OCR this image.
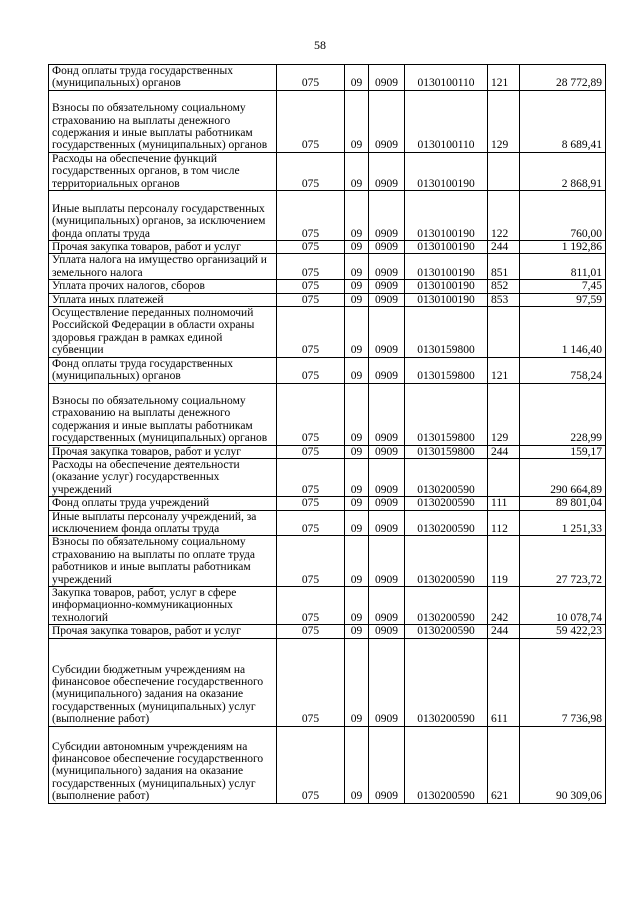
58
Фонд оплаты труда государственных (муниципальных) органов	075	09	0909	0130100110	121	28 772,89
Взносы по обязательному социальному страхованию на выплаты денежного содержания и иные выплаты работникам государственных (муниципальных) органов	075	09	0909	0130100110	129	8 689,41
Расходы на обеспечение функций государственных органов, в том числе территориальных органов	075	09	0909	0130100190		2 868,91
Иные выплаты персоналу государственных (муниципальных) органов, за исключением фонда оплаты труда	075	09	0909	0130100190	122	760,00
Прочая закупка товаров, работ и услуг	075	09	0909	0130100190	244	1 192,86
Уплата налога на имущество организаций и земельного налога	075	09	0909	0130100190	851	811,01
Уплата прочих налогов, сборов	075	09	0909	0130100190	852	7,45
Уплата иных платежей	075	09	0909	0130100190	853	97,59
Осуществление переданных полномочий Российской Федерации в области охраны здоровья граждан в рамках единой субвенции	075	09	0909	0130159800		1 146,40
Фонд оплаты труда государственных (муниципальных) органов	075	09	0909	0130159800	121	758,24
Взносы по обязательному социальному страхованию на выплаты денежного содержания и иные выплаты работникам государственных (муниципальных) органов	075	09	0909	0130159800	129	228,99
Прочая закупка товаров, работ и услуг	075	09	0909	0130159800	244	159,17
Расходы на обеспечение деятельности (оказание услуг) государственных учреждений	075	09	0909	0130200590		290 664,89
Фонд оплаты труда учреждений	075	09	0909	0130200590	111	89 801,04
Иные выплаты персоналу учреждений, за исключением фонда оплаты труда	075	09	0909	0130200590	112	1 251,33
Взносы по обязательному социальному страхованию на выплаты по оплате труда работников и иные выплаты работникам учреждений	075	09	0909	0130200590	119	27 723,72
Закупка товаров, работ, услуг в сфере информационно-коммуникационных технологий	075	09	0909	0130200590	242	10 078,74
Прочая закупка товаров, работ и услуг	075	09	0909	0130200590	244	59 422,23
Субсидии бюджетным учреждениям на финансовое обеспечение государственного (муниципального) задания на оказание государственных (муниципальных) услуг (выполнение работ)	075	09	0909	0130200590	611	7 736,98
Субсидии автономным учреждениям на финансовое обеспечение государственного (муниципального) задания на оказание государственных (муниципальных) услуг (выполнение работ)	075	09	0909	0130200590	621	90 309,06
